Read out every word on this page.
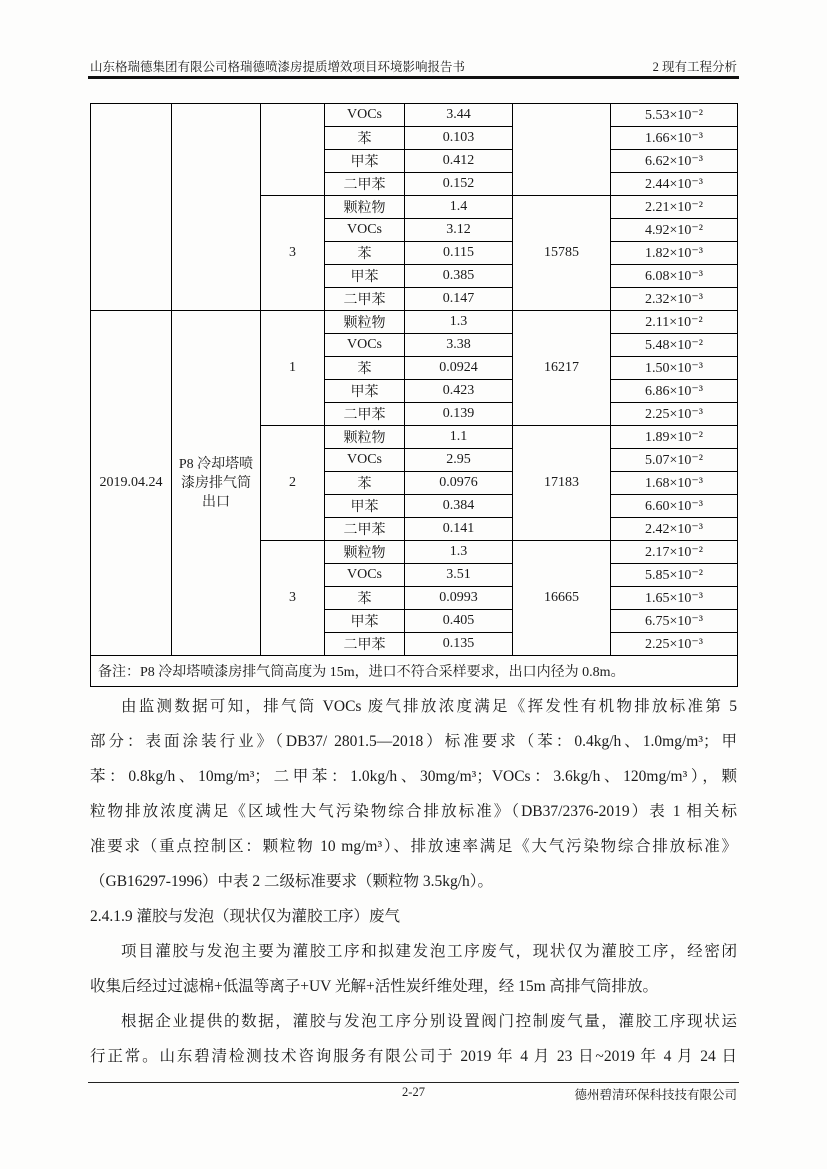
山东格瑞德集团有限公司格瑞德喷漆房提质增效项目环境影响报告书	2 现有工程分析
			VOCs	3.44		5.53×10⁻²
			苯	0.103		1.66×10⁻³
			甲苯	0.412		6.62×10⁻³
			二甲苯	0.152		2.44×10⁻³
		3	颗粒物	1.4	15785	2.21×10⁻²
			VOCs	3.12		4.92×10⁻²
			苯	0.115		1.82×10⁻³
			甲苯	0.385		6.08×10⁻³
			二甲苯	0.147		2.32×10⁻³
2019.04.24	P8 冷却塔喷漆房排气筒出口	1	颗粒物	1.3	16217	2.11×10⁻²
			VOCs	3.38		5.48×10⁻²
			苯	0.0924		1.50×10⁻³
			甲苯	0.423		6.86×10⁻³
			二甲苯	0.139		2.25×10⁻³
		2	颗粒物	1.1	17183	1.89×10⁻²
			VOCs	2.95		5.07×10⁻²
			苯	0.0976		1.68×10⁻³
			甲苯	0.384		6.60×10⁻³
			二甲苯	0.141		2.42×10⁻³
		3	颗粒物	1.3	16665	2.17×10⁻²
			VOCs	3.51		5.85×10⁻²
			苯	0.0993		1.65×10⁻³
			甲苯	0.405		6.75×10⁻³
			二甲苯	0.135		2.25×10⁻³
备注：P8 冷却塔喷漆房排气筒高度为 15m，进口不符合采样要求，出口内径为 0.8m。						
由监测数据可知，排气筒 VOCs 废气排放浓度满足《挥发性有机物排放标准第 5
部分：表面涂装行业》（DB37/ 2801.5—2018）标准要求（苯：0.4kg/h、1.0mg/m³；甲
苯：0.8kg/h、10mg/m³；二甲苯：1.0kg/h、30mg/m³；VOCs：3.6kg/h、120mg/m³），颗
粒物排放浓度满足《区域性大气污染物综合排放标准》（DB37/2376-2019）表 1 相关标
准要求（重点控制区：颗粒物 10 mg/m³）、排放速率满足《大气污染物综合排放标准》
（GB16297-1996）中表 2 二级标准要求（颗粒物 3.5kg/h）。
2.4.1.9 灌胶与发泡（现状仅为灌胶工序）废气
项目灌胶与发泡主要为灌胶工序和拟建发泡工序废气，现状仅为灌胶工序，经密闭
收集后经过过滤棉+低温等离子+UV 光解+活性炭纤维处理，经 15m 高排气筒排放。
根据企业提供的数据，灌胶与发泡工序分别设置阀门控制废气量，灌胶工序现状运
行正常。山东碧清检测技术咨询服务有限公司于 2019 年 4 月 23 日~2019 年 4 月 24 日
2-27	德州碧清环保科技技有限公司
